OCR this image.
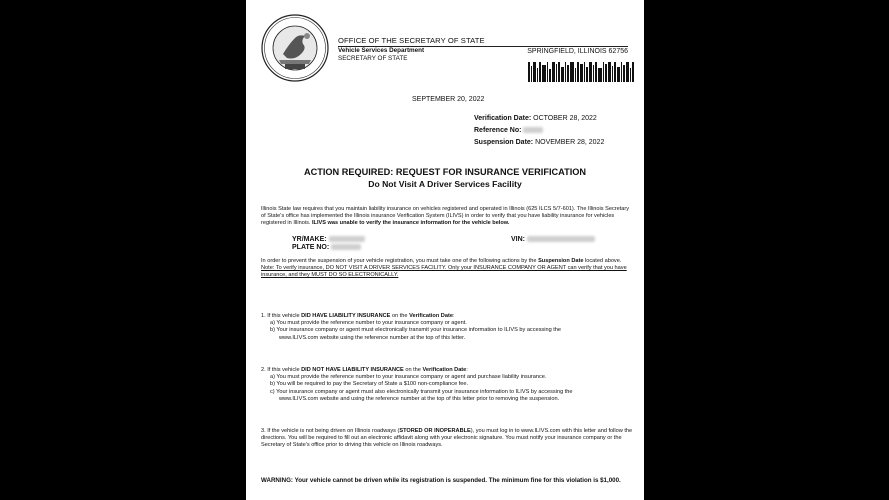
OFFICE OF THE SECRETARY OF STATE
Vehicle Services Department
SECRETARY OF STATE
SPRINGFIELD, ILLINOIS 62756
SEPTEMBER 20, 2022
Verification Date: OCTOBER 28, 2022
Reference No:
Suspension Date: NOVEMBER 28, 2022
ACTION REQUIRED: REQUEST FOR INSURANCE VERIFICATION
Do Not Visit A Driver Services Facility
Illinois State law requires that you maintain liability insurance on vehicles registered and operated in Illinois (625 ILCS 5/7-601). The Illinois Secretary of State's office has implemented the Illinois insurance Verification System (ILIVS) in order to verify that you have liability insurance for vehicles registered in Illinois. ILIVS was unable to verify the insurance information for the vehicle below.
YR/MAKE:
PLATE NO:
VIN:
In order to prevent the suspension of your vehicle registration, you must take one of the following actions by the Suspension Date located above. Note: To verify insurance, DO NOT VISIT A DRIVER SERVICES FACILITY. Only your INSURANCE COMPANY OR AGENT can verify that you have insurance, and they MUST DO SO ELECTRONICALLY.
1. If this vehicle DID HAVE LIABILITY INSURANCE on the Verification Date:
a) You must provide the reference number to your insurance company or agent.
b) Your insurance company or agent must electronically transmit your insurance information to ILIVS by accessing the
www.ILIVS.com website using the reference number at the top of this letter.
2. If this vehicle DID NOT HAVE LIABILITY INSURANCE on the Verification Date:
a) You must provide the reference number to your insurance company or agent and purchase liability insurance.
b) You will be required to pay the Secretary of State a $100 non-compliance fee.
c) Your insurance company or agent must also electronically transmit your insurance information to ILIVS by accessing the
www.ILIVS.com website and using the reference number at the top of this letter prior to removing the suspension.
3. If the vehicle is not being driven on Illinois roadways (STORED OR INOPERABLE), you must log in to www.ILIVS.com with this letter and follow the directions. You will be required to fill out an electronic affidavit along with your electronic signature. You must notify your insurance company or the Secretary of State's office prior to driving this vehicle on Illinois roadways.
WARNING: Your vehicle cannot be driven while its registration is suspended. The minimum fine for this violation is $1,000.
